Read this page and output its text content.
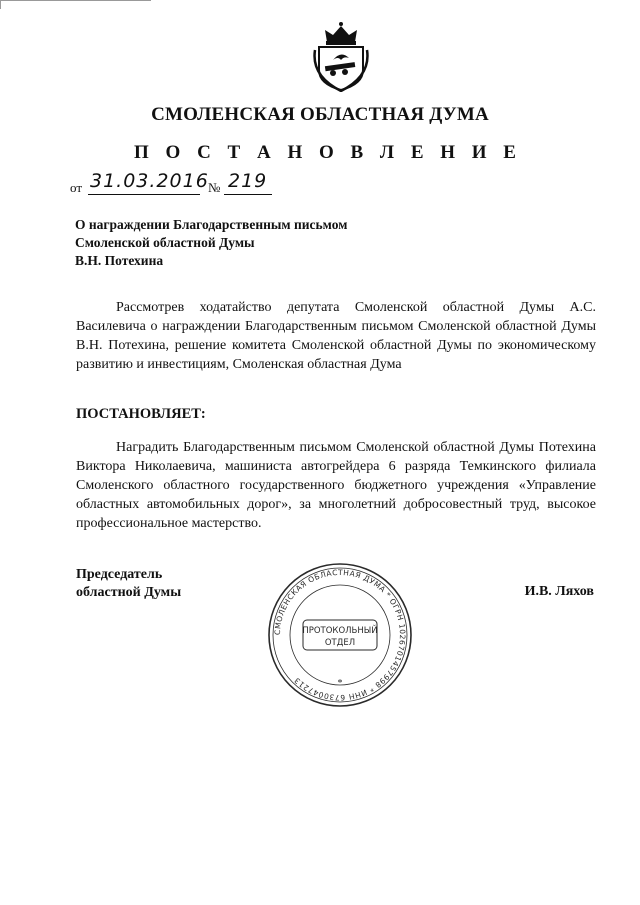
СМОЛЕНСКАЯ ОБЛАСТНАЯ ДУМА
П О С Т А Н О В Л Е Н И Е
от 31.03.2016 № 219
О награждении Благодарственным письмом
Смоленской областной Думы
В.Н. Потехина
Рассмотрев ходатайство депутата Смоленской областной Думы А.С. Василевича о награждении Благодарственным письмом Смоленской областной Думы В.Н. Потехина, решение комитета Смоленской областной Думы по экономическому развитию и инвестициям, Смоленская областная Дума
ПОСТАНОВЛЯЕТ:
Наградить Благодарственным письмом Смоленской областной Думы Потехина Виктора Николаевича, машиниста автогрейдера 6 разряда Темкинского филиала Смоленского областного государственного бюджетного учреждения «Управление областных автомобильных дорог», за многолетний добросовестный труд, высокое профессиональное мастерство.
Председатель
областной Думы
СМОЛЕНСКАЯ ОБЛАСТНАЯ ДУМА * ОГРН 1026701457998 * ИНН 6730047213
ПРОТОКОЛЬНЫЙ
ОТДЕЛ
*
И.В. Ляхов
